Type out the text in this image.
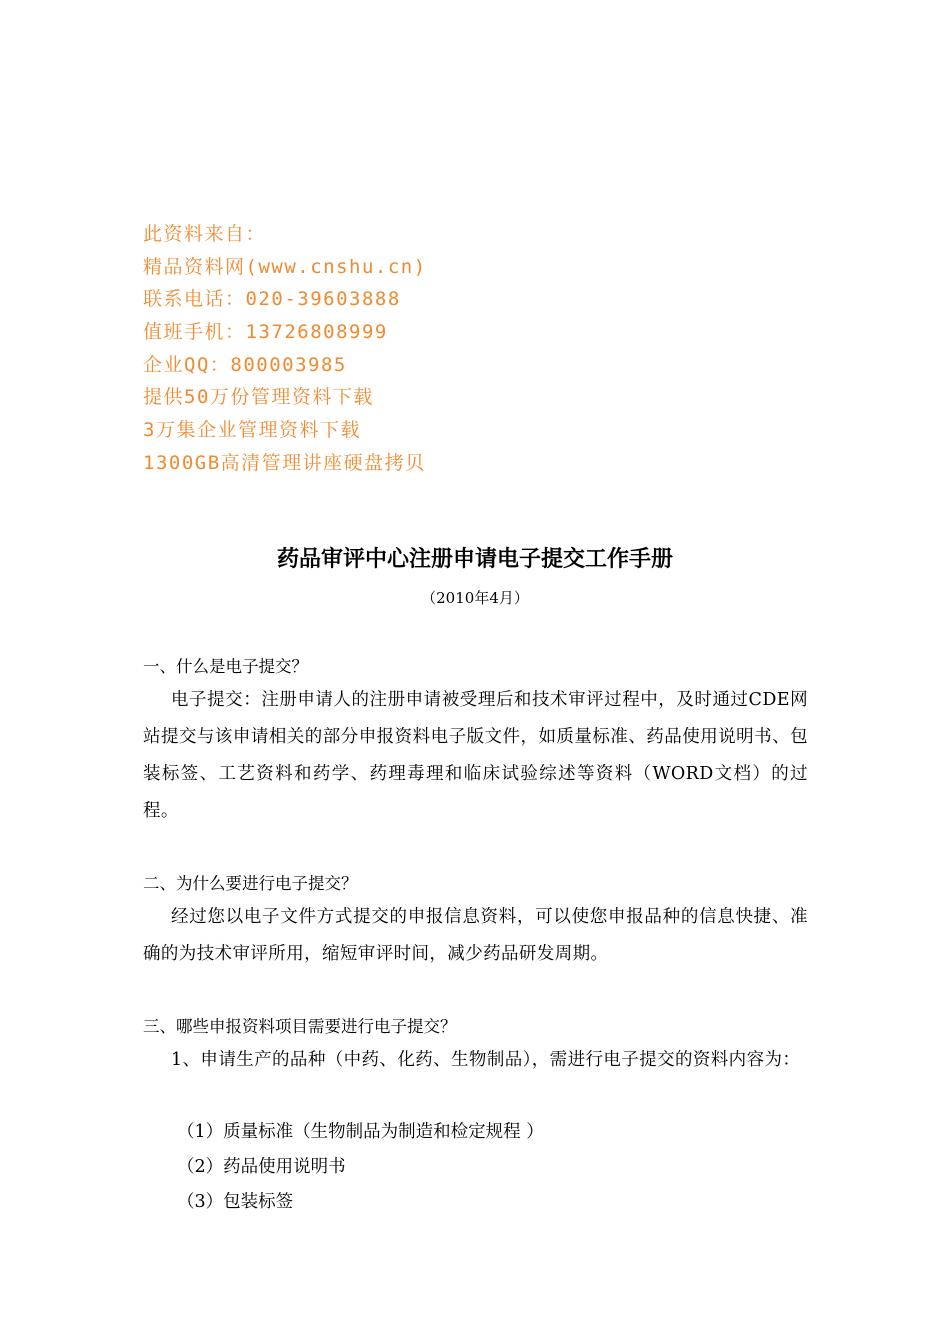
此资料来自：
精品资料网(www.cnshu.cn)
联系电话：020-39603888
值班手机：13726808999
企业QQ：800003985
提供50万份管理资料下载
3万集企业管理资料下载
1300GB高清管理讲座硬盘拷贝
药品审评中心注册申请电子提交工作手册
（2010年4月）
一、什么是电子提交？

电子提交：注册申请人的注册申请被受理后和技术审评过程中，及时通过CDE网站提交与该申请相关的部分申报资料电子版文件，如质量标准、药品使用说明书、包装标签、工艺资料和药学、药理毒理和临床试验综述等资料（WORD文档）的过程。

二、为什么要进行电子提交？

经过您以电子文件方式提交的申报信息资料，可以使您申报品种的信息快捷、准确的为技术审评所用，缩短审评时间，减少药品研发周期。

三、哪些申报资料项目需要进行电子提交？

1、申请生产的品种（中药、化药、生物制品），需进行电子提交的资料内容为：

（1）质量标准（生物制品为制造和检定规程 ）
（2）药品使用说明书
（3）包装标签
